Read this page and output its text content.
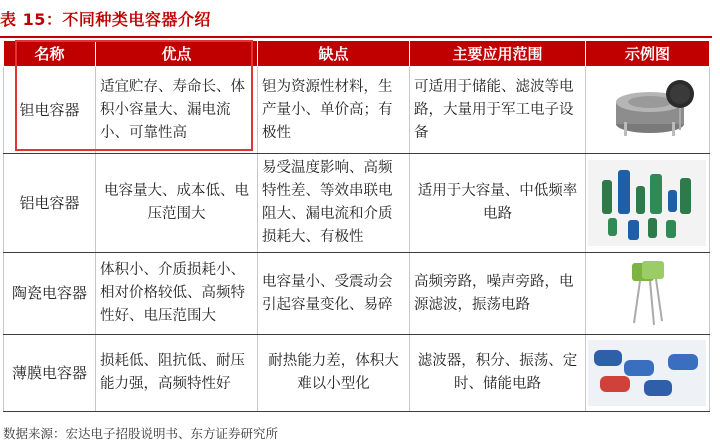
表 15：不同种类电容器介绍
名称	优点	缺点	主要应用范围	示例图
钽电容器	适宜贮存、寿命长、体积小容量大、漏电流小、可靠性高	钽为资源性材料，生产量小、单价高；有极性	可适用于储能、滤波等电路，大量用于军工电子设备	

铝电容器	电容量大、成本低、电压范围大	易受温度影响、高频特性差、等效串联电阻大、漏电流和介质损耗大、有极性	适用于大容量、中低频率电路	

陶瓷电容器	体积小、介质损耗小、相对价格较低、高频特性好、电压范围大	电容量小、受震动会引起容量变化、易碎	高频旁路，噪声旁路，电源滤波，振荡电路	

薄膜电容器	损耗低、阻抗低、耐压能力强，高频特性好	耐热能力差，体积大难以小型化	滤波器，积分、振荡、定时、储能电路	
数据来源：宏达电子招股说明书、东方证券研究所
